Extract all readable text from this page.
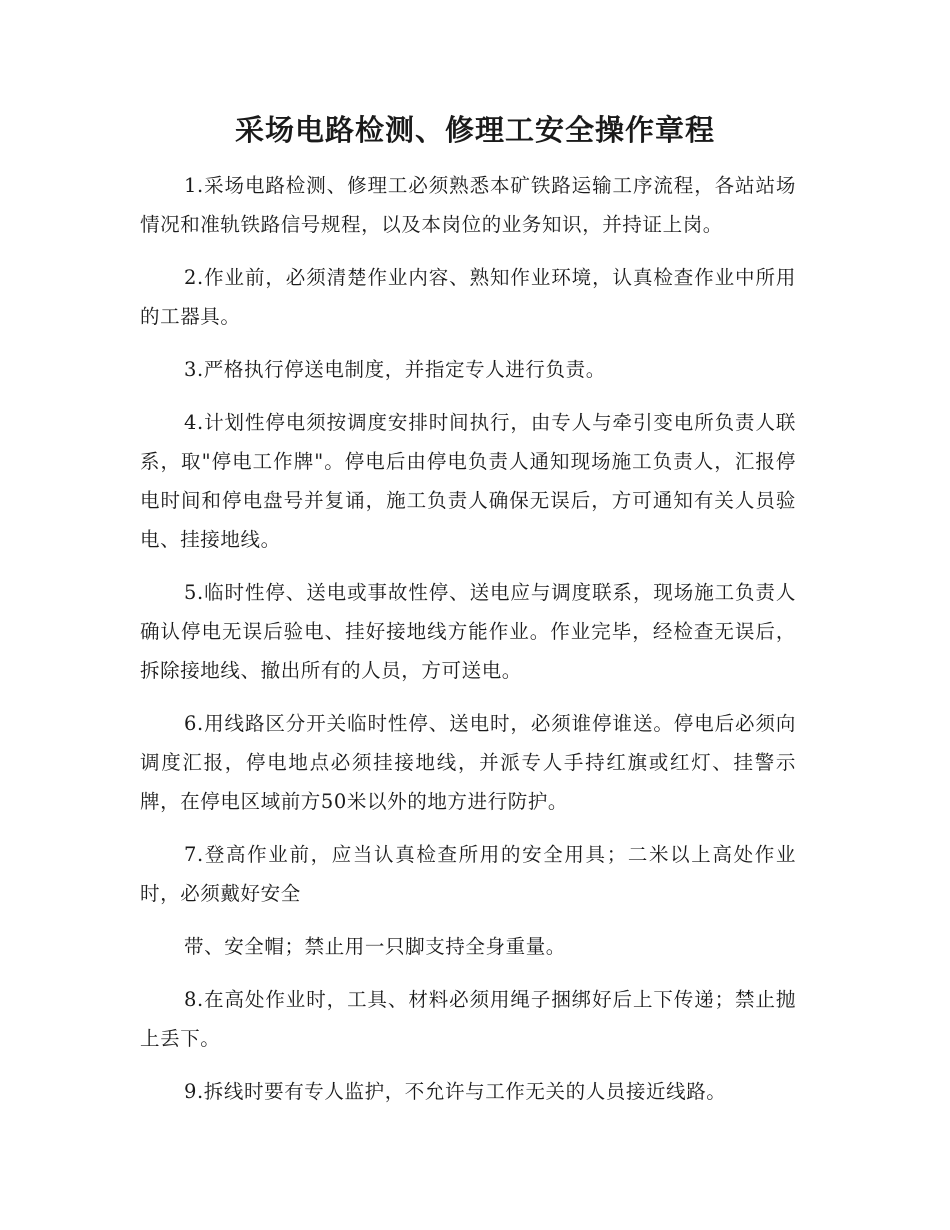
采场电路检测、修理工安全操作章程

1.采场电路检测、修理工必须熟悉本矿铁路运输工序流程，各站站场情况和准轨铁路信号规程，以及本岗位的业务知识，并持证上岗。

2.作业前，必须清楚作业内容、熟知作业环境，认真检查作业中所用的工器具。

3.严格执行停送电制度，并指定专人进行负责。

4.计划性停电须按调度安排时间执行，由专人与牵引变电所负责人联系，取"停电工作牌"。停电后由停电负责人通知现场施工负责人，汇报停电时间和停电盘号并复诵，施工负责人确保无误后，方可通知有关人员验电、挂接地线。

5.临时性停、送电或事故性停、送电应与调度联系，现场施工负责人确认停电无误后验电、挂好接地线方能作业。作业完毕，经检查无误后，拆除接地线、撤出所有的人员，方可送电。

6.用线路区分开关临时性停、送电时，必须谁停谁送。停电后必须向调度汇报，停电地点必须挂接地线，并派专人手持红旗或红灯、挂警示牌，在停电区域前方50米以外的地方进行防护。

7.登高作业前，应当认真检查所用的安全用具；二米以上高处作业时，必须戴好安全

带、安全帽；禁止用一只脚支持全身重量。

8.在高处作业时，工具、材料必须用绳子捆绑好后上下传递；禁止抛上丢下。

9.拆线时要有专人监护，不允许与工作无关的人员接近线路。
